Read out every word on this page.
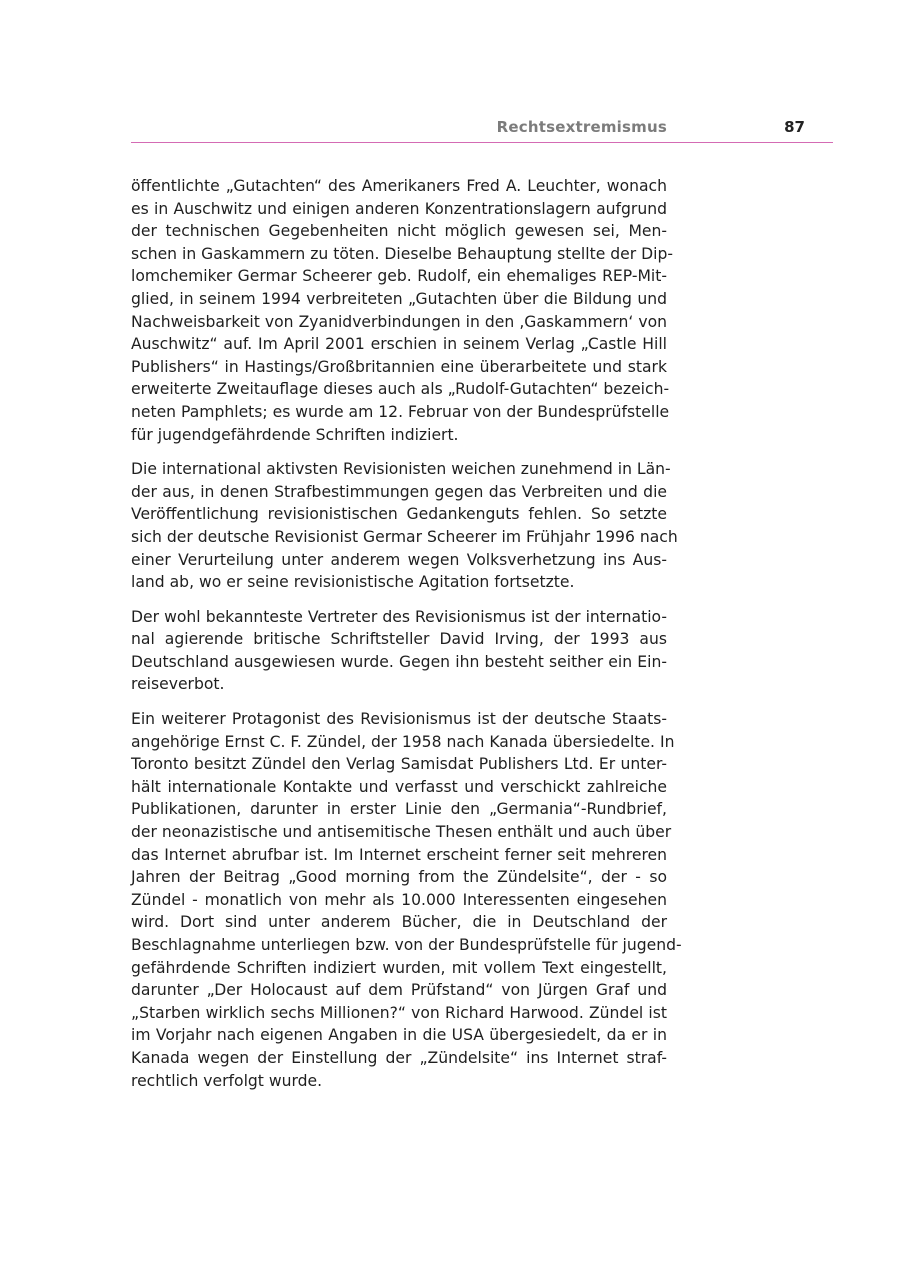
Rechtsextremismus	87

öffentlichte „Gutachten“ des Amerikaners Fred A. Leuchter, wonach
es in Auschwitz und einigen anderen Konzentrationslagern aufgrund
der technischen Gegebenheiten nicht möglich gewesen sei, Men-
schen in Gaskammern zu töten. Dieselbe Behauptung stellte der Dip-
lomchemiker Germar Scheerer geb. Rudolf, ein ehemaliges REP-Mit-
glied, in seinem 1994 verbreiteten „Gutachten über die Bildung und
Nachweisbarkeit von Zyanidverbindungen in den ‚Gaskammern‘ von
Auschwitz“ auf. Im April 2001 erschien in seinem Verlag „Castle Hill
Publishers“ in Hastings/Großbritannien eine überarbeitete und stark
erweiterte Zweitauflage dieses auch als „Rudolf-Gutachten“ bezeich-
neten Pamphlets; es wurde am 12. Februar von der Bundesprüfstelle
für jugendgefährdende Schriften indiziert.

Die international aktivsten Revisionisten weichen zunehmend in Län-
der aus, in denen Strafbestimmungen gegen das Verbreiten und die
Veröffentlichung revisionistischen Gedankenguts fehlen. So setzte
sich der deutsche Revisionist Germar Scheerer im Frühjahr 1996 nach
einer Verurteilung unter anderem wegen Volksverhetzung ins Aus-
land ab, wo er seine revisionistische Agitation fortsetzte.

Der wohl bekannteste Vertreter des Revisionismus ist der internatio-
nal agierende britische Schriftsteller David Irving, der 1993 aus
Deutschland ausgewiesen wurde. Gegen ihn besteht seither ein Ein-
reiseverbot.

Ein weiterer Protagonist des Revisionismus ist der deutsche Staats-
angehörige Ernst C. F. Zündel, der 1958 nach Kanada übersiedelte. In
Toronto besitzt Zündel den Verlag Samisdat Publishers Ltd. Er unter-
hält internationale Kontakte und verfasst und verschickt zahlreiche
Publikationen, darunter in erster Linie den „Germania“-Rundbrief,
der neonazistische und antisemitische Thesen enthält und auch über
das Internet abrufbar ist. Im Internet erscheint ferner seit mehreren
Jahren der Beitrag „Good morning from the Zündelsite“, der - so
Zündel - monatlich von mehr als 10.000 Interessenten eingesehen
wird. Dort sind unter anderem Bücher, die in Deutschland der
Beschlagnahme unterliegen bzw. von der Bundesprüfstelle für jugend-
gefährdende Schriften indiziert wurden, mit vollem Text eingestellt,
darunter „Der Holocaust auf dem Prüfstand“ von Jürgen Graf und
„Starben wirklich sechs Millionen?“ von Richard Harwood. Zündel ist
im Vorjahr nach eigenen Angaben in die USA übergesiedelt, da er in
Kanada wegen der Einstellung der „Zündelsite“ ins Internet straf-
rechtlich verfolgt wurde.
